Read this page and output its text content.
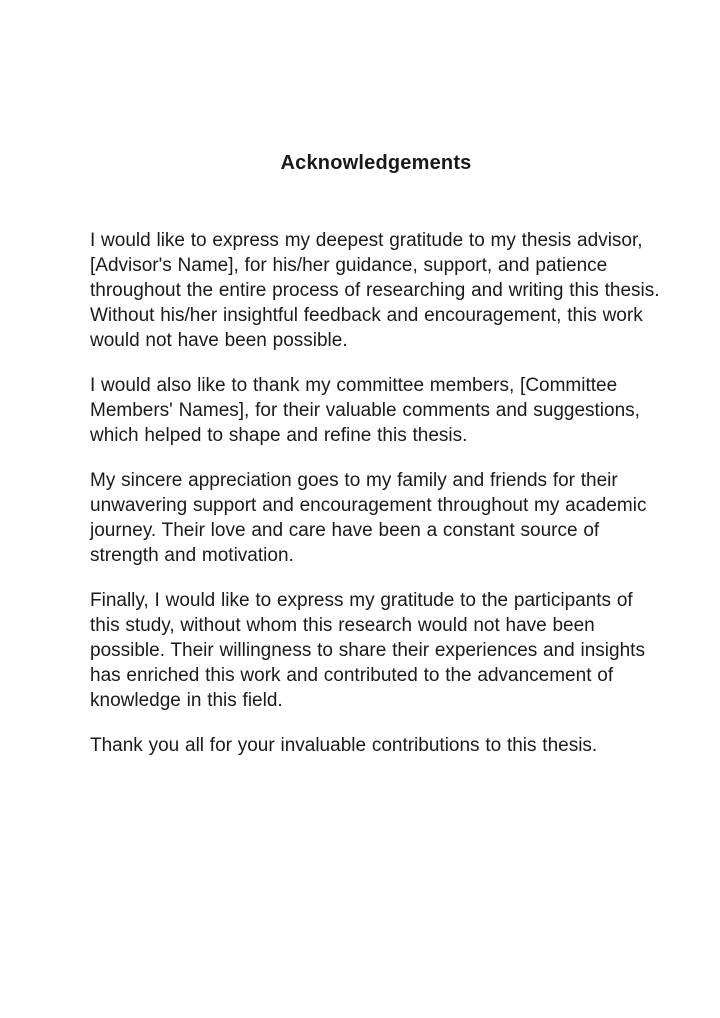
Acknowledgements

I would like to express my deepest gratitude to my thesis advisor, [Advisor's Name], for his/her guidance, support, and patience throughout the entire process of researching and writing this thesis. Without his/her insightful feedback and encouragement, this work would not have been possible.

I would also like to thank my committee members, [Committee Members' Names], for their valuable comments and suggestions, which helped to shape and refine this thesis.

My sincere appreciation goes to my family and friends for their unwavering support and encouragement throughout my academic journey. Their love and care have been a constant source of strength and motivation.

Finally, I would like to express my gratitude to the participants of this study, without whom this research would not have been possible. Their willingness to share their experiences and insights has enriched this work and contributed to the advancement of knowledge in this field.

Thank you all for your invaluable contributions to this thesis.
